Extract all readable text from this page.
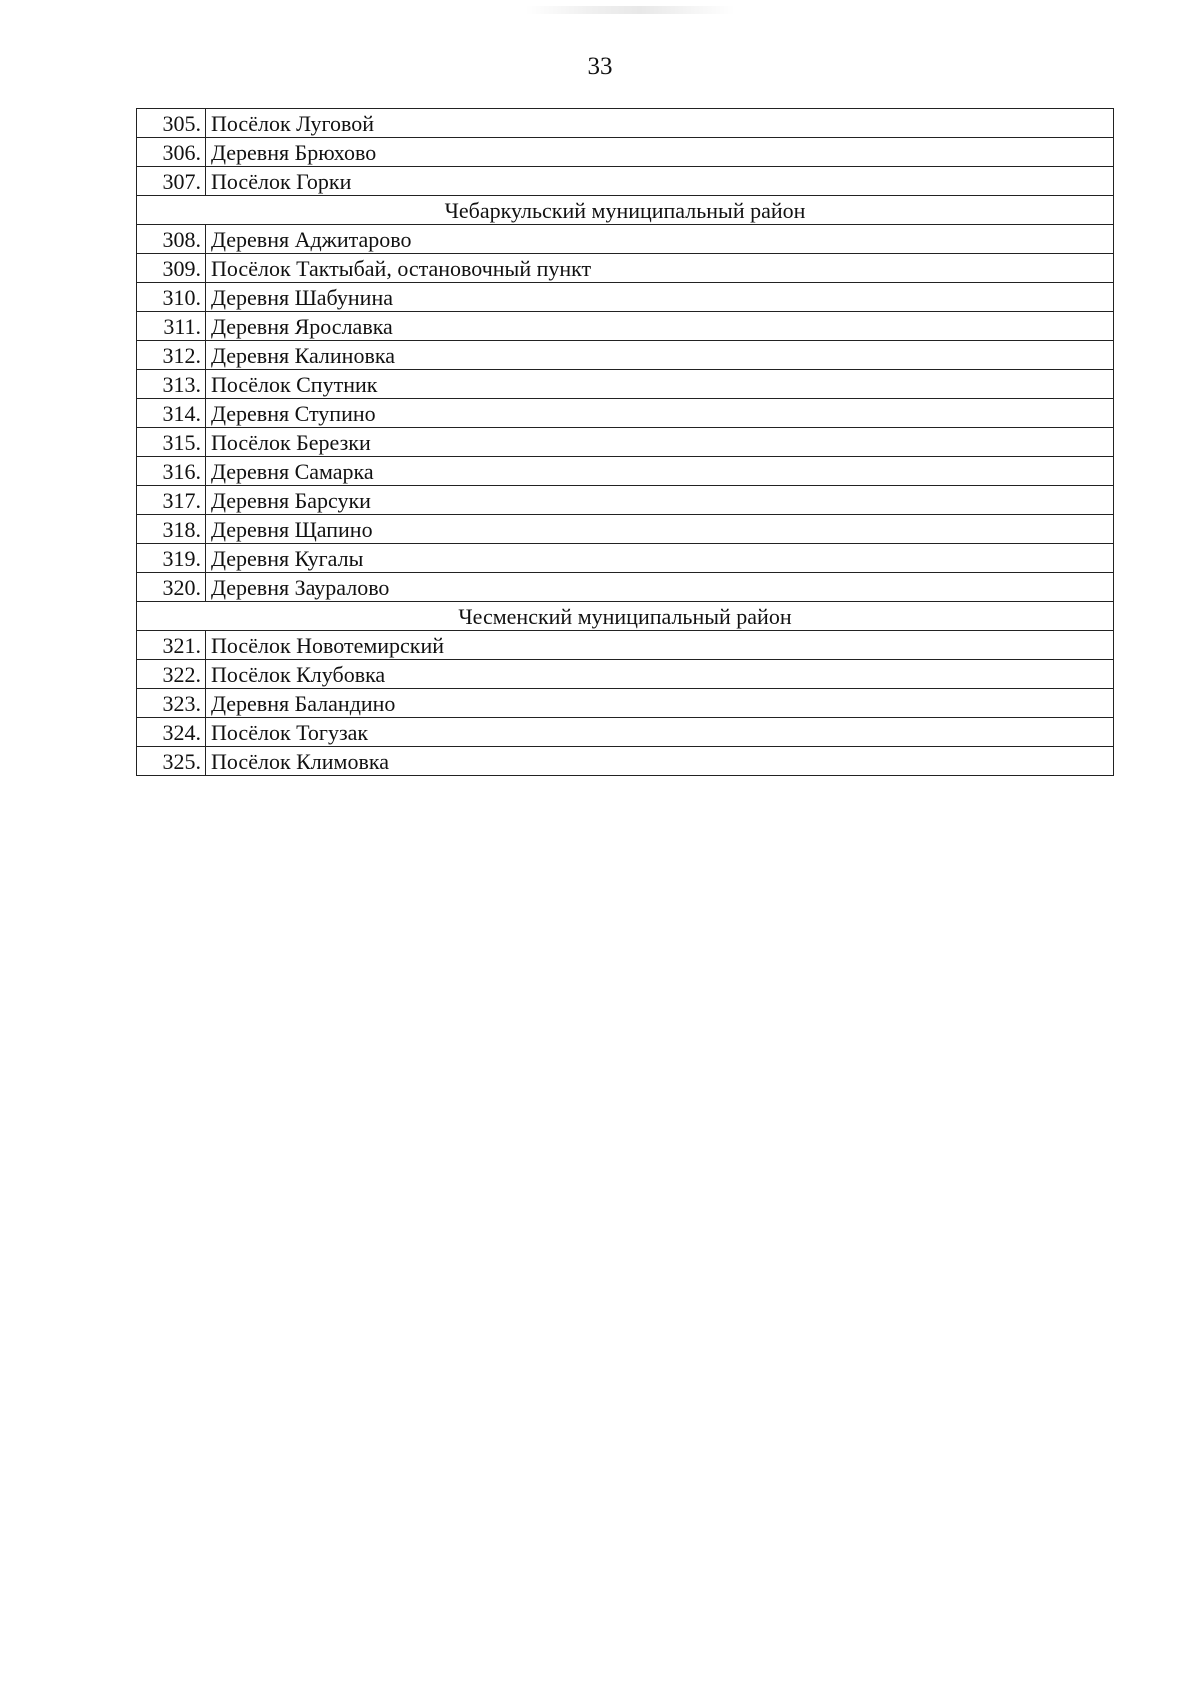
33
305.	Посёлок Луговой
306.	Деревня Брюхово
307.	Посёлок Горки
Чебаркульский муниципальный район	
308.	Деревня Аджитарово
309.	Посёлок Тактыбай, остановочный пункт
310.	Деревня Шабунина
311.	Деревня Ярославка
312.	Деревня Калиновка
313.	Посёлок Спутник
314.	Деревня Ступино
315.	Посёлок Березки
316.	Деревня Самарка
317.	Деревня Барсуки
318.	Деревня Щапино
319.	Деревня Кугалы
320.	Деревня Зауралово
Чесменский муниципальный район	
321.	Посёлок Новотемирский
322.	Посёлок Клубовка
323.	Деревня Баландино
324.	Посёлок Тогузак
325.	Посёлок Климовка
